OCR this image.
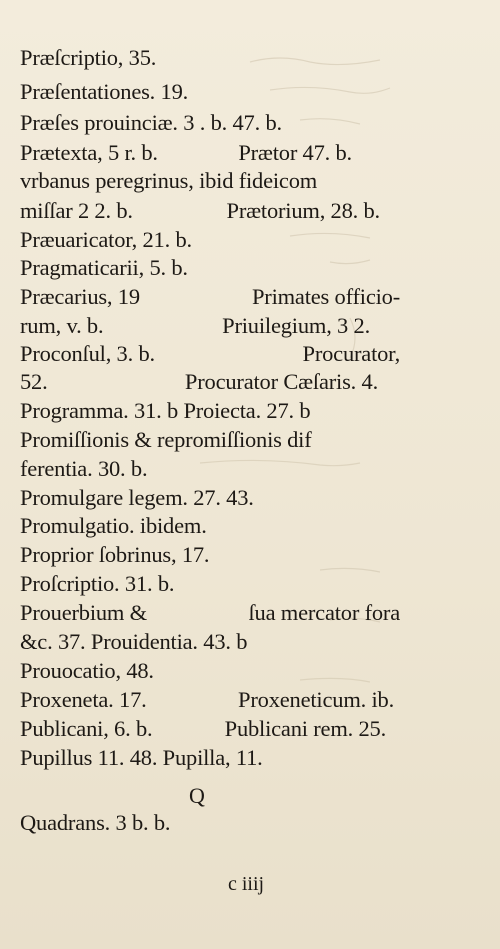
Præſcriptio, 35.
Præſentationes. 19.
Præſes prouinciæ. 3 . b. 47. b.
Prætexta, 5 r. b.	Prætor 47. b.
vrbanus peregrinus, ibid fideicom
miſſar 2 2. b.	Prætorium, 28. b.
Præuaricator, 21. b.
Pragmaticarii, 5. b.
Præcarius, 19	Primates officio-
rum, v. b.	Priuilegium, 3 2.
Proconſul, 3. b.	Procurator,
52.	Procurator Cæſaris. 4.
Programma. 31. b Proiecta. 27. b
Promiſſionis & repromiſſionis dif
ferentia. 30. b.
Promulgare legem. 27. 43.
Promulgatio. ibidem.
Proprior ſobrinus, 17.
Proſcriptio. 31. b.
Prouerbium &	ſua mercator fora
&c. 37. Prouidentia. 43. b
Prouocatio, 48.
Proxeneta. 17.	Proxeneticum. ib.
Publicani, 6. b.	Publicani rem. 25.
Pupillus 11. 48. Pupilla, 11.
Q
Quadrans. 3 b. b.
c iiij
